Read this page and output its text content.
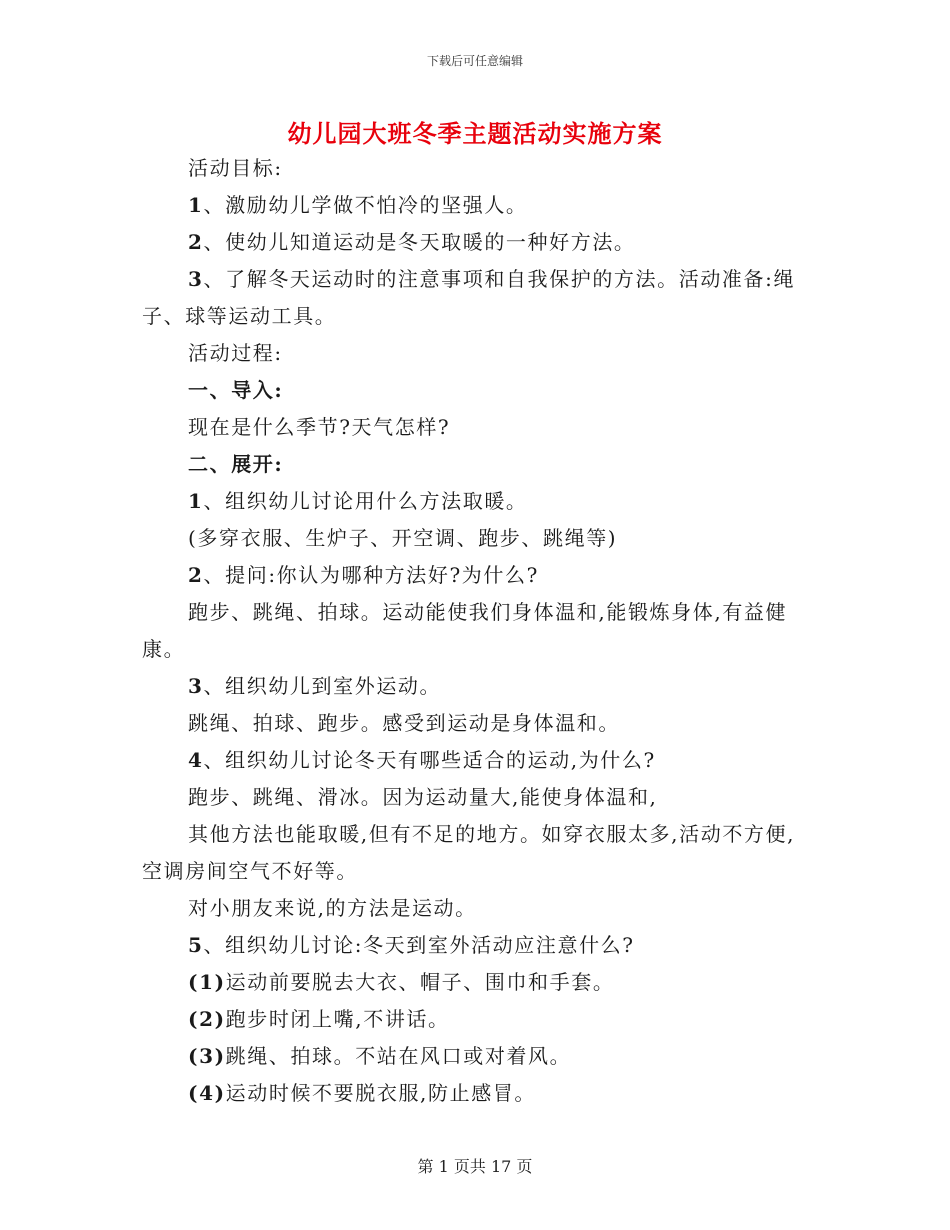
下载后可任意编辑
幼儿园大班冬季主题活动实施方案

活动目标:

1、激励幼儿学做不怕冷的坚强人。

2、使幼儿知道运动是冬天取暖的一种好方法。

3、了解冬天运动时的注意事项和自我保护的方法。活动准备:绳子、球等运动工具。

活动过程:

一、导入:

现在是什么季节?天气怎样?

二、展开:

1、组织幼儿讨论用什么方法取暖。

(多穿衣服、生炉子、开空调、跑步、跳绳等)

2、提问:你认为哪种方法好?为什么?

跑步、跳绳、拍球。运动能使我们身体温和,能锻炼身体,有益健康。

3、组织幼儿到室外运动。

跳绳、拍球、跑步。感受到运动是身体温和。

4、组织幼儿讨论冬天有哪些适合的运动,为什么?

跑步、跳绳、滑冰。因为运动量大,能使身体温和,

其他方法也能取暖,但有不足的地方。如穿衣服太多,活动不方便,空调房间空气不好等。

对小朋友来说,的方法是运动。

5、组织幼儿讨论:冬天到室外活动应注意什么?

(1)运动前要脱去大衣、帽子、围巾和手套。

(2)跑步时闭上嘴,不讲话。

(3)跳绳、拍球。不站在风口或对着风。

(4)运动时候不要脱衣服,防止感冒。

第 1 页共 17 页
